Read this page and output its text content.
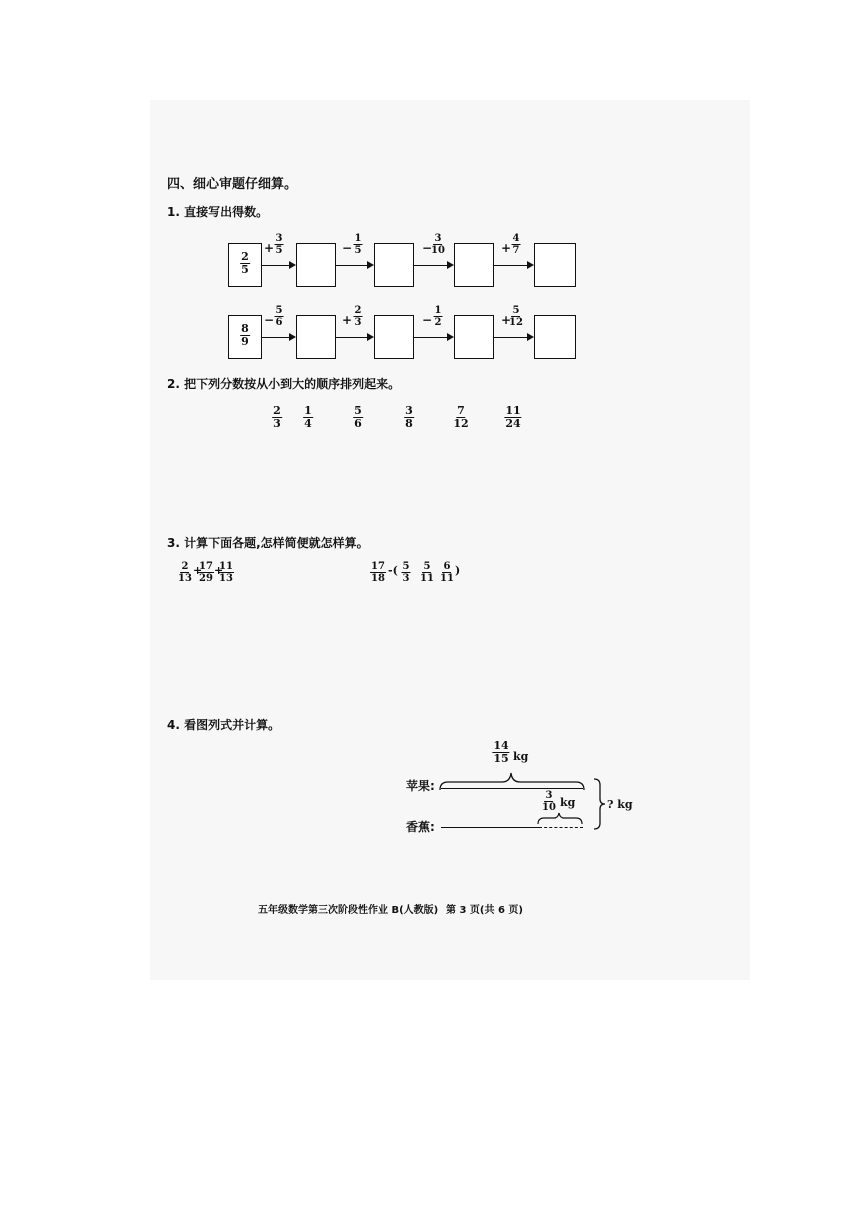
四、细心审题仔细算。
1. 直接写出得数。
$\frac{2}{5}$
+ $\frac{3}{5}$	− $\frac{1}{5}$	−
$\frac{3}{10}$	+ $\frac{4}{7}$
$\frac{8}{9}$
− $\frac{5}{6}$	+ $\frac{2}{3}$	− $\frac{1}{2}$	+
$\frac{5}{12}$
2. 把下列分数按从小到大的顺序排列起来。
$\frac{2}{3} \frac{1}{4}$	$\frac{5}{6}$	$\frac{3}{8}$	$\frac{7}{12}$	$\frac{11}{24}$
3. 计算下面各题,怎样简便就怎样算。
$\frac{2}{13}$ +
$\frac{17}{29}$ +
$\frac{11}{13}$	$\frac{17}{18}$ -( $\frac{5}{3} \frac{5}{11} \frac{6}{11}$ )
4. 看图列式并计算。
$\frac{14}{15}$ kg
苹果:
$\frac{3}{10}$ kg
香蕉:
? kg
五年级数学第三次阶段性作业 B(人教版) 第 3 页(共 6 页)
